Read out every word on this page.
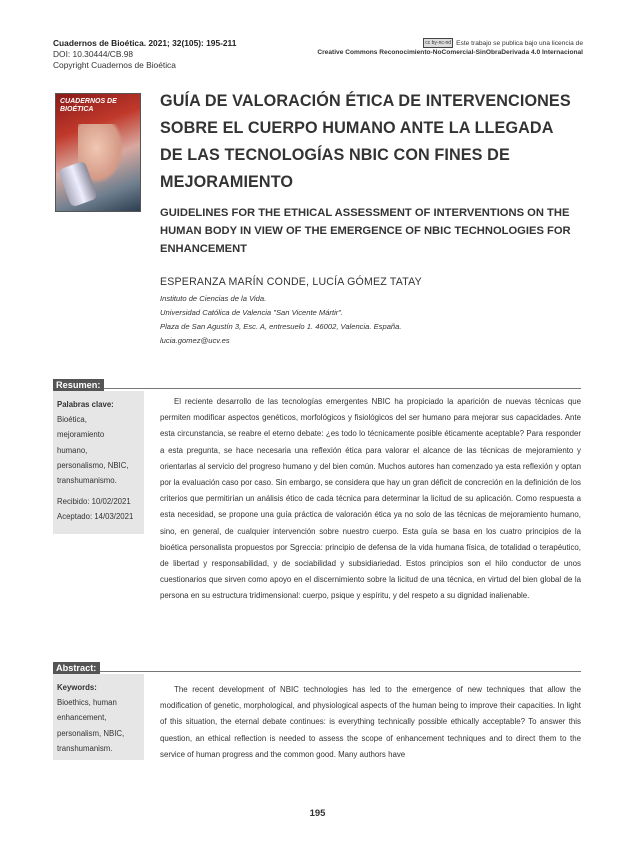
Cuadernos de Bioética. 2021; 32(105): 195-211
DOI: 10.30444/CB.98
Copyright Cuadernos de Bioética
cc by-nc-nd Este trabajo se publica bajo una licencia de
Creative Commons Reconocimiento-NoComercial-SinObraDerivada 4.0 Internacional
CUADERNOS DE BIOÉTICA	GUÍA DE VALORACIÓN ÉTICA DE INTERVENCIONES SOBRE EL CUERPO HUMANO ANTE LA LLEGADA DE LAS TECNOLOGÍAS NBIC CON FINES DE MEJORAMIENTO
GUIDELINES FOR THE ETHICAL ASSESSMENT OF INTERVENTIONS ON THE HUMAN BODY IN VIEW OF THE EMERGENCE OF NBIC TECHNOLOGIES FOR ENHANCEMENT
ESPERANZA MARÍN CONDE, LUCÍA GÓMEZ TATAY
Instituto de Ciencias de la Vida.
Universidad Católica de Valencia "San Vicente Mártir".
Plaza de San Agustín 3, Esc. A, entresuelo 1. 46002, Valencia. España.
lucia.gomez@ucv.es
Resumen:
Palabras clave:
Bioética,
mejoramiento
humano,
personalismo, NBIC,
transhumanismo.
Recibido: 10/02/2021
Aceptado: 14/03/2021

El reciente desarrollo de las tecnologías emergentes NBIC ha propiciado la aparición de nuevas técnicas que permiten modificar aspectos genéticos, morfológicos y fisiológicos del ser humano para mejorar sus capacidades. Ante esta circunstancia, se reabre el eterno debate: ¿es todo lo técnicamente posible éticamente aceptable? Para responder a esta pregunta, se hace necesaria una reflexión ética para valorar el alcance de las técnicas de mejoramiento y orientarlas al servicio del progreso humano y del bien común. Muchos autores han comenzado ya esta reflexión y optan por la evaluación caso por caso. Sin embargo, se considera que hay un gran déficit de concreción en la definición de los criterios que permitirían un análisis ético de cada técnica para determinar la licitud de su aplicación. Como respuesta a esta necesidad, se propone una guía práctica de valoración ética ya no solo de las técnicas de mejoramiento humano, sino, en general, de cualquier intervención sobre nuestro cuerpo. Esta guía se basa en los cuatro principios de la bioética personalista propuestos por Sgreccia: principio de defensa de la vida humana física, de totalidad o terapéutico, de libertad y responsabilidad, y de sociabilidad y subsidiariedad. Estos principios son el hilo conductor de unos cuestionarios que sirven como apoyo en el discernimiento sobre la licitud de una técnica, en virtud del bien global de la persona en su estructura tridimensional: cuerpo, psique y espíritu, y del respeto a su dignidad inalienable.

Abstract:
Keywords:
Bioethics, human
enhancement,
personalism, NBIC,
transhumanism.

The recent development of NBIC technologies has led to the emergence of new techniques that allow the modification of genetic, morphological, and physiological aspects of the human being to improve their capacities. In light of this situation, the eternal debate continues: is everything technically possible ethically acceptable? To answer this question, an ethical reflection is needed to assess the scope of enhancement techniques and to direct them to the service of human progress and the common good. Many authors have

195
